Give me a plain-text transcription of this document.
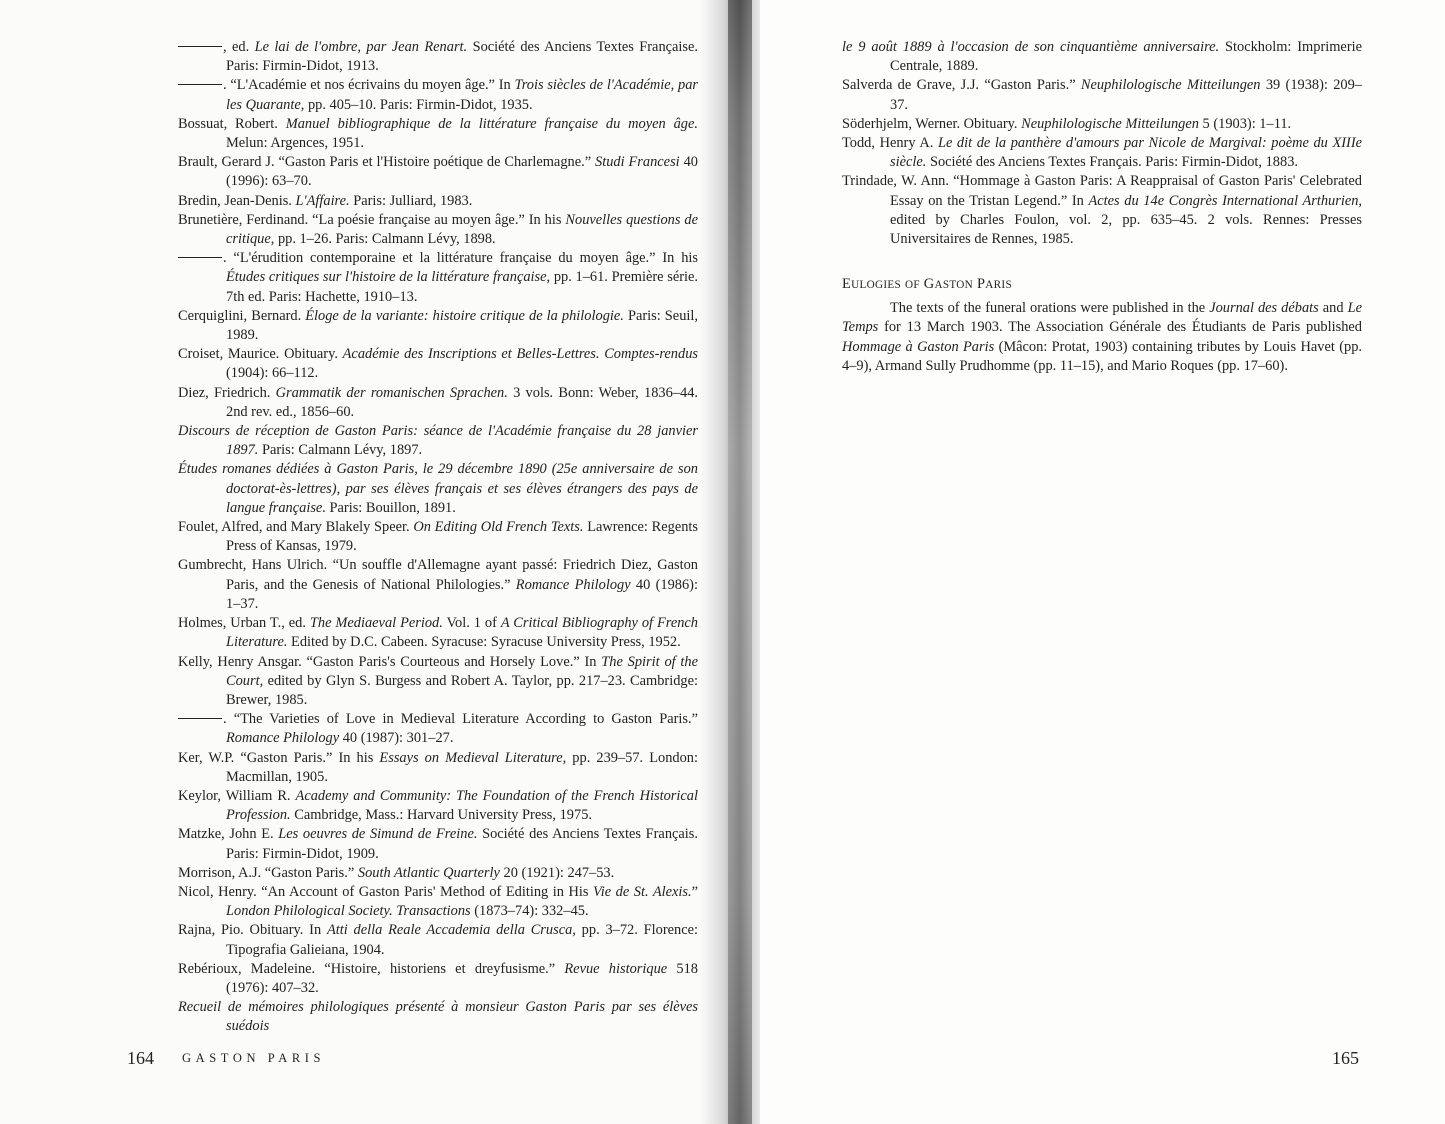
, ed. Le lai de l'ombre, par Jean Renart. Société des Anciens Textes Française. Paris: Firmin-Didot, 1913.
. “L'Académie et nos écrivains du moyen âge.” In Trois siècles de l'Académie, par les Quarante, pp. 405–10. Paris: Firmin-Didot, 1935.
Bossuat, Robert. Manuel bibliographique de la littérature française du moyen âge. Melun: Argences, 1951.
Brault, Gerard J. “Gaston Paris et l'Histoire poétique de Charlemagne.” Studi Francesi 40 (1996): 63–70.
Bredin, Jean-Denis. L'Affaire. Paris: Julliard, 1983.
Brunetière, Ferdinand. “La poésie française au moyen âge.” In his Nouvelles questions de critique, pp. 1–26. Paris: Calmann Lévy, 1898.
. “L'érudition contemporaine et la littérature française du moyen âge.” In his Études critiques sur l'histoire de la littérature française, pp. 1–61. Première série. 7th ed. Paris: Hachette, 1910–13.
Cerquiglini, Bernard. Éloge de la variante: histoire critique de la philologie. Paris: Seuil, 1989.
Croiset, Maurice. Obituary. Académie des Inscriptions et Belles-Lettres. Comptes-rendus (1904): 66–112.
Diez, Friedrich. Grammatik der romanischen Sprachen. 3 vols. Bonn: Weber, 1836–44. 2nd rev. ed., 1856–60.
Discours de réception de Gaston Paris: séance de l'Académie française du 28 janvier 1897. Paris: Calmann Lévy, 1897.
Études romanes dédiées à Gaston Paris, le 29 décembre 1890 (25e anniversaire de son doctorat-ès-lettres), par ses élèves français et ses élèves étrangers des pays de langue française. Paris: Bouillon, 1891.
Foulet, Alfred, and Mary Blakely Speer. On Editing Old French Texts. Lawrence: Regents Press of Kansas, 1979.
Gumbrecht, Hans Ulrich. “Un souffle d'Allemagne ayant passé: Friedrich Diez, Gaston Paris, and the Genesis of National Philologies.” Romance Philology 40 (1986): 1–37.
Holmes, Urban T., ed. The Mediaeval Period. Vol. 1 of A Critical Bibliography of French Literature. Edited by D.C. Cabeen. Syracuse: Syracuse University Press, 1952.
Kelly, Henry Ansgar. “Gaston Paris's Courteous and Horsely Love.” In The Spirit of the Court, edited by Glyn S. Burgess and Robert A. Taylor, pp. 217–23. Cambridge: Brewer, 1985.
. “The Varieties of Love in Medieval Literature According to Gaston Paris.” Romance Philology 40 (1987): 301–27.
Ker, W.P. “Gaston Paris.” In his Essays on Medieval Literature, pp. 239–57. London: Macmillan, 1905.
Keylor, William R. Academy and Community: The Foundation of the French Historical Profession. Cambridge, Mass.: Harvard University Press, 1975.
Matzke, John E. Les oeuvres de Simund de Freine. Société des Anciens Textes Français. Paris: Firmin-Didot, 1909.
Morrison, A.J. “Gaston Paris.” South Atlantic Quarterly 20 (1921): 247–53.
Nicol, Henry. “An Account of Gaston Paris' Method of Editing in His Vie de St. Alexis.” London Philological Society. Transactions (1873–74): 332–45.
Rajna, Pio. Obituary. In Atti della Reale Accademia della Crusca, pp. 3–72. Florence: Tipografia Galieiana, 1904.
Rebérioux, Madeleine. “Histoire, historiens et dreyfusisme.” Revue historique 518 (1976): 407–32.
Recueil de mémoires philologiques présenté à monsieur Gaston Paris par ses élèves suédois
164 GASTON PARIS
le 9 août 1889 à l'occasion de son cinquantième anniversaire. Stockholm: Imprimerie Centrale, 1889.
Salverda de Grave, J.J. “Gaston Paris.” Neuphilologische Mitteilungen 39 (1938): 209–37.
Söderhjelm, Werner. Obituary. Neuphilologische Mitteilungen 5 (1903): 1–11.
Todd, Henry A. Le dit de la panthère d'amours par Nicole de Margival: poème du XIIIe siècle. Société des Anciens Textes Français. Paris: Firmin-Didot, 1883.
Trindade, W. Ann. “Hommage à Gaston Paris: A Reappraisal of Gaston Paris' Celebrated Essay on the Tristan Legend.” In Actes du 14e Congrès International Arthurien, edited by Charles Foulon, vol. 2, pp. 635–45. 2 vols. Rennes: Presses Universitaires de Rennes, 1985.
EULOGIES OF GASTON PARIS

The texts of the funeral orations were published in the Journal des débats and Le Temps for 13 March 1903. The Association Générale des Étudiants de Paris published Hommage à Gaston Paris (Mâcon: Protat, 1903) containing tributes by Louis Havet (pp. 4–9), Armand Sully Prudhomme (pp. 11–15), and Mario Roques (pp. 17–60).

165
